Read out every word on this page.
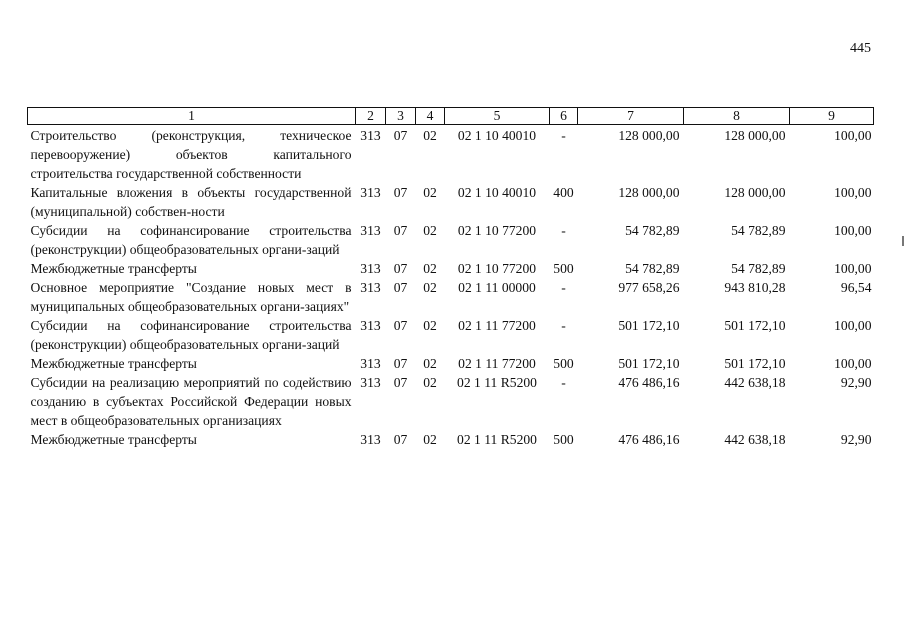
445
1	2	3	4	5	6	7	8	9
Строительство (реконструкция, техническое перевооружение) объектов капитального строительства государственной собственности	313	07	02	02 1 10 40010	-	128 000,00	128 000,00	100,00
Капитальные вложения в объекты государственной (муниципальной) собствен-ности	313	07	02	02 1 10 40010	400	128 000,00	128 000,00	100,00
Субсидии на софинансирование строительства (реконструкции) общеобразовательных органи-заций	313	07	02	02 1 10 77200	-	54 782,89	54 782,89	100,00
Межбюджетные трансферты	313	07	02	02 1 10 77200	500	54 782,89	54 782,89	100,00
Основное мероприятие "Создание новых мест в муниципальных общеобразовательных органи-зациях"	313	07	02	02 1 11 00000	-	977 658,26	943 810,28	96,54
Субсидии на софинансирование строительства (реконструкции) общеобразовательных органи-заций	313	07	02	02 1 11 77200	-	501 172,10	501 172,10	100,00
Межбюджетные трансферты	313	07	02	02 1 11 77200	500	501 172,10	501 172,10	100,00
Субсидии на реализацию мероприятий по содействию созданию в субъектах Российской Федерации новых мест в общеобразовательных организациях	313	07	02	02 1 11 R5200	-	476 486,16	442 638,18	92,90
Межбюджетные трансферты	313	07	02	02 1 11 R5200	500	476 486,16	442 638,18	92,90
